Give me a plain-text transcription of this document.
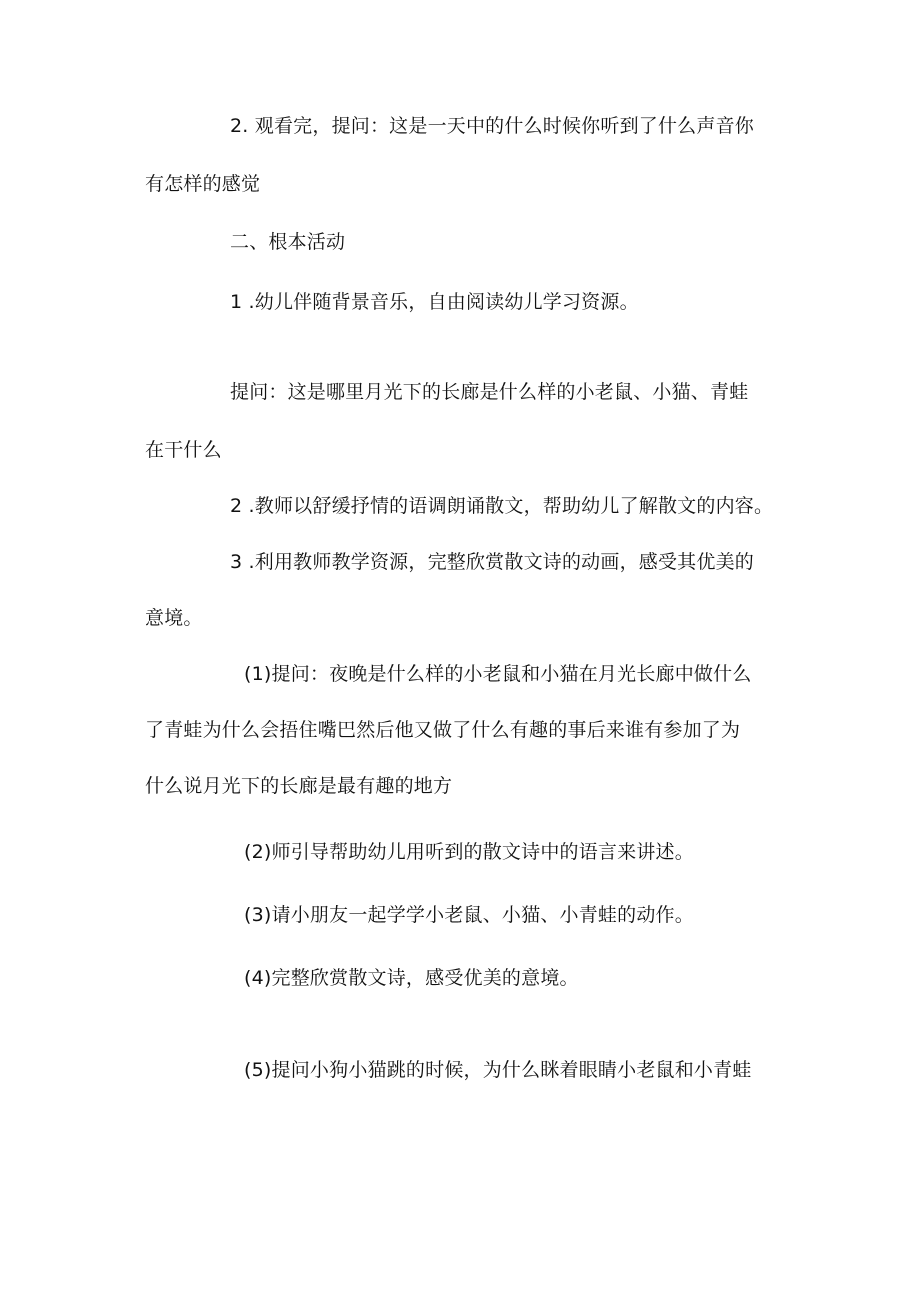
2. 观看完，提问：这是一天中的什么时候你听到了什么声音你
有怎样的感觉
二、根本活动
1 .幼儿伴随背景音乐，自由阅读幼儿学习资源。
提问：这是哪里月光下的长廊是什么样的小老鼠、小猫、青蛙
在干什么
2 .教师以舒缓抒情的语调朗诵散文，帮助幼儿了解散文的内容。
3 .利用教师教学资源，完整欣赏散文诗的动画，感受其优美的
意境。
(1)提问：夜晚是什么样的小老鼠和小猫在月光长廊中做什么
了青蛙为什么会捂住嘴巴然后他又做了什么有趣的事后来谁有参加了为
什么说月光下的长廊是最有趣的地方
(2)师引导帮助幼儿用听到的散文诗中的语言来讲述。
(3)请小朋友一起学学小老鼠、小猫、小青蛙的动作。
(4)完整欣赏散文诗，感受优美的意境。
(5)提问小狗小猫跳的时候，为什么眯着眼睛小老鼠和小青蛙
